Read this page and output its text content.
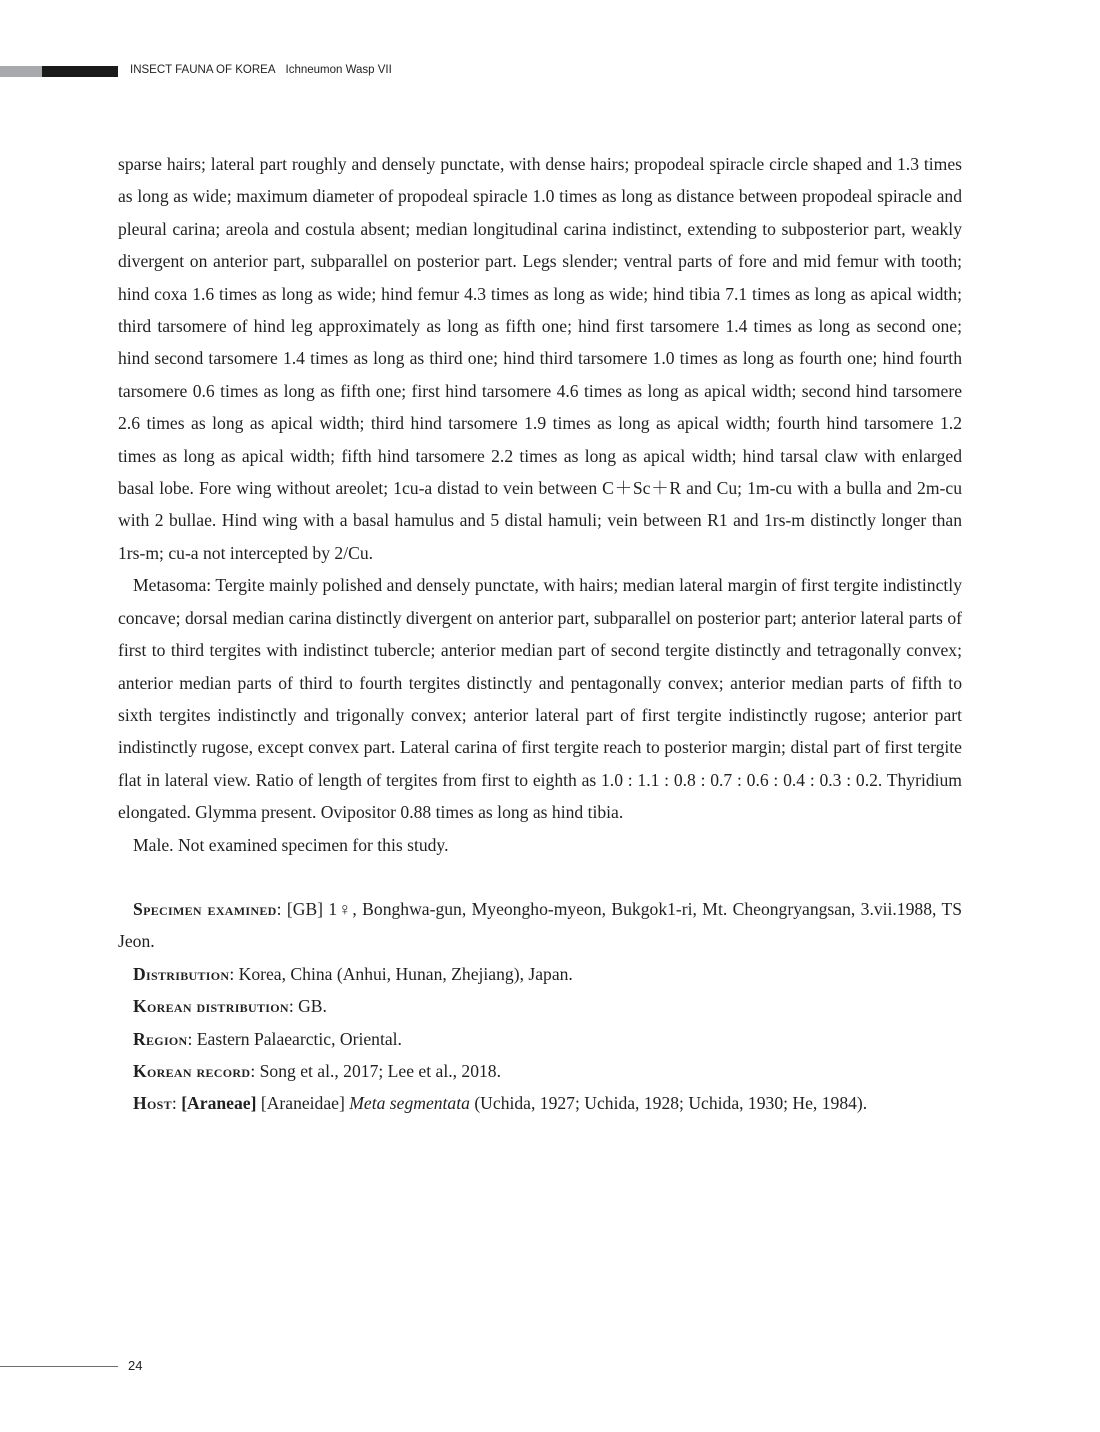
INSECT FAUNA OF KOREA Ichneumon Wasp VII

sparse hairs; lateral part roughly and densely punctate, with dense hairs; propodeal spiracle circle shaped and 1.3 times as long as wide; maximum diameter of propodeal spiracle 1.0 times as long as distance between propodeal spiracle and pleural carina; areola and costula absent; median longitudinal carina indistinct, extending to subposterior part, weakly divergent on anterior part, subparallel on posterior part. Legs slender; ventral parts of fore and mid femur with tooth; hind coxa 1.6 times as long as wide; hind femur 4.3 times as long as wide; hind tibia 7.1 times as long as apical width; third tarsomere of hind leg approximately as long as fifth one; hind first tarsomere 1.4 times as long as second one; hind second tarsomere 1.4 times as long as third one; hind third tarsomere 1.0 times as long as fourth one; hind fourth tarsomere 0.6 times as long as fifth one; first hind tarsomere 4.6 times as long as apical width; second hind tarsomere 2.6 times as long as apical width; third hind tarsomere 1.9 times as long as apical width; fourth hind tarsomere 1.2 times as long as apical width; fifth hind tarsomere 2.2 times as long as apical width; hind tarsal claw with enlarged basal lobe. Fore wing without areolet; 1cu-a distad to vein between C＋Sc＋R and Cu; 1m-cu with a bulla and 2m-cu with 2 bullae. Hind wing with a basal hamulus and 5 distal hamuli; vein between R1 and 1rs-m distinctly longer than 1rs-m; cu-a not intercepted by 2/Cu.

Metasoma: Tergite mainly polished and densely punctate, with hairs; median lateral margin of first tergite indistinctly concave; dorsal median carina distinctly divergent on anterior part, subparallel on posterior part; anterior lateral parts of first to third tergites with indistinct tubercle; anterior median part of second tergite distinctly and tetragonally convex; anterior median parts of third to fourth tergites distinctly and pentagonally convex; anterior median parts of fifth to sixth tergites indistinctly and trigonally convex; anterior lateral part of first tergite indistinctly rugose; anterior part indistinctly rugose, except convex part. Lateral carina of first tergite reach to posterior margin; distal part of first tergite flat in lateral view. Ratio of length of tergites from first to eighth as 1.0 : 1.1 : 0.8 : 0.7 : 0.6 : 0.4 : 0.3 : 0.2. Thyridium elongated. Glymma present. Ovipositor 0.88 times as long as hind tibia.

Male. Not examined specimen for this study.

Specimen examined: [GB] 1♀, Bonghwa-gun, Myeongho-myeon, Bukgok1-ri, Mt. Cheongryangsan, 3.vii.1988, TS Jeon.

Distribution: Korea, China (Anhui, Hunan, Zhejiang), Japan.

Korean distribution: GB.

Region: Eastern Palaearctic, Oriental.

Korean record: Song et al., 2017; Lee et al., 2018.

Host: [Araneae] [Araneidae] Meta segmentata (Uchida, 1927; Uchida, 1928; Uchida, 1930; He, 1984).

24
